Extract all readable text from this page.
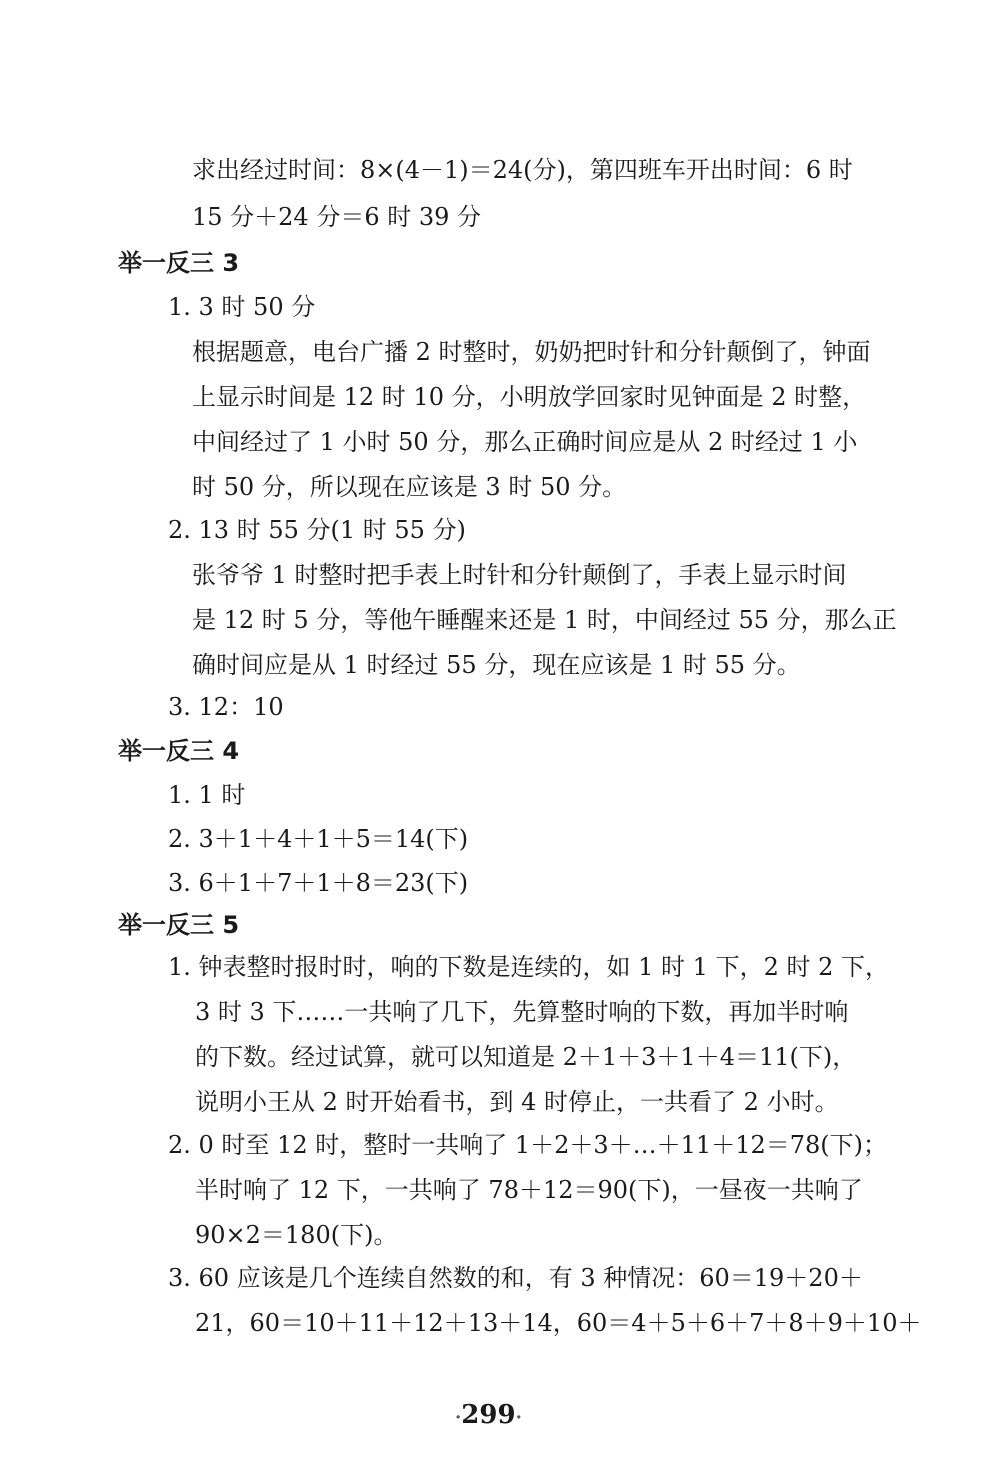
求出经过时间：8×(4－1)＝24(分)，第四班车开出时间：6 时
15 分＋24 分＝6 时 39 分
举一反三 3
1. 3 时 50 分
根据题意，电台广播 2 时整时，奶奶把时针和分针颠倒了，钟面
上显示时间是 12 时 10 分，小明放学回家时见钟面是 2 时整，
中间经过了 1 小时 50 分，那么正确时间应是从 2 时经过 1 小
时 50 分，所以现在应该是 3 时 50 分。
2. 13 时 55 分(1 时 55 分)
张爷爷 1 时整时把手表上时针和分针颠倒了，手表上显示时间
是 12 时 5 分，等他午睡醒来还是 1 时，中间经过 55 分，那么正
确时间应是从 1 时经过 55 分，现在应该是 1 时 55 分。
3. 12：10
举一反三 4
1. 1 时
2. 3＋1＋4＋1＋5＝14(下)
3. 6＋1＋7＋1＋8＝23(下)
举一反三 5
1. 钟表整时报时时，响的下数是连续的，如 1 时 1 下，2 时 2 下，
3 时 3 下……一共响了几下，先算整时响的下数，再加半时响
的下数。经过试算，就可以知道是 2＋1＋3＋1＋4＝11(下)，
说明小王从 2 时开始看书，到 4 时停止，一共看了 2 小时。
2. 0 时至 12 时，整时一共响了 1＋2＋3＋…＋11＋12＝78(下)；
半时响了 12 下，一共响了 78＋12＝90(下)，一昼夜一共响了
90×2＝180(下)。
3. 60 应该是几个连续自然数的和，有 3 种情况：60＝19＋20＋
21，60＝10＋11＋12＋13＋14，60＝4＋5＋6＋7＋8＋9＋10＋
·299·
